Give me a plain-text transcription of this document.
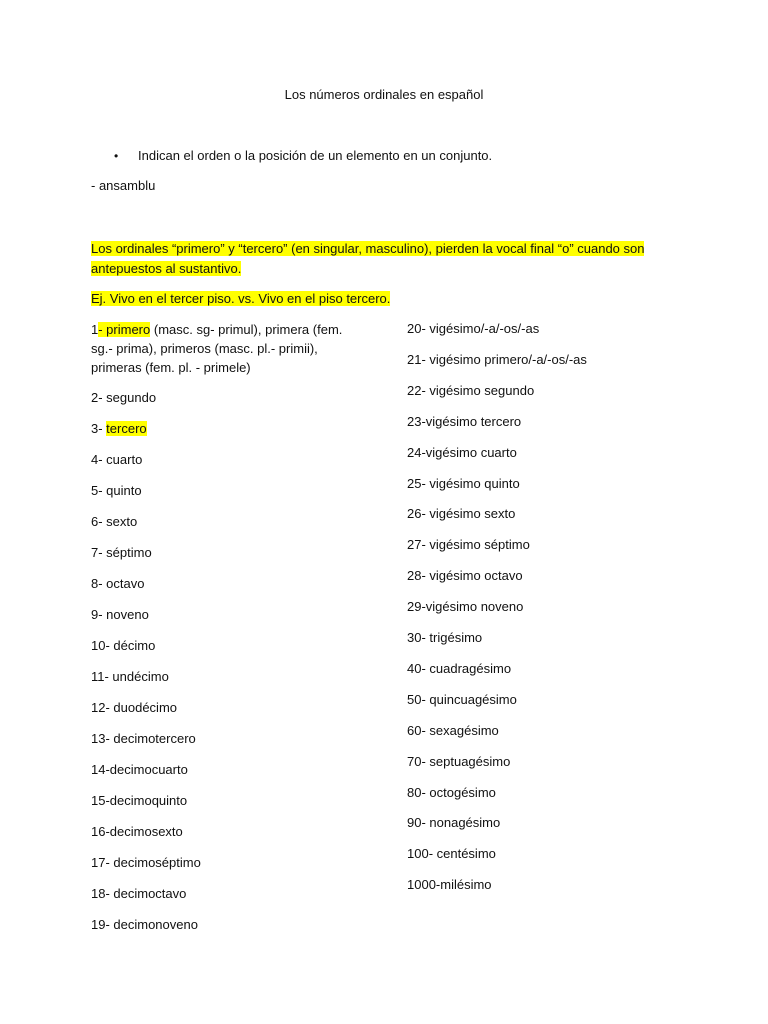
Los números ordinales en español
• Indican el orden o la posición de un elemento en un conjunto.
- ansamblu
Los ordinales “primero” y “tercero” (en singular, masculino), pierden la vocal final “o” cuando son antepuestos al sustantivo.
Ej. Vivo en el tercer piso. vs. Vivo en el piso tercero.
1- primero (masc. sg- primul), primera (fem. sg.- prima), primeros (masc. pl.- primii), primeras (fem. pl. - primele)
2- segundo
3- tercero
4- cuarto
5- quinto
6- sexto
7- séptimo
8- octavo
9- noveno
10- décimo
11- undécimo
12- duodécimo
13- decimotercero
14-decimocuarto
15-decimoquinto
16-decimosexto
17- decimoséptimo
18- decimoctavo
19- decimonoveno
20- vigésimo/-a/-os/-as
21- vigésimo primero/-a/-os/-as
22- vigésimo segundo
23-vigésimo tercero
24-vigésimo cuarto
25- vigésimo quinto
26- vigésimo sexto
27- vigésimo séptimo
28- vigésimo octavo
29-vigésimo noveno
30- trigésimo
40- cuadragésimo
50- quincuagésimo
60- sexagésimo
70- septuagésimo
80- octogésimo
90- nonagésimo
100- centésimo
1000-milésimo
